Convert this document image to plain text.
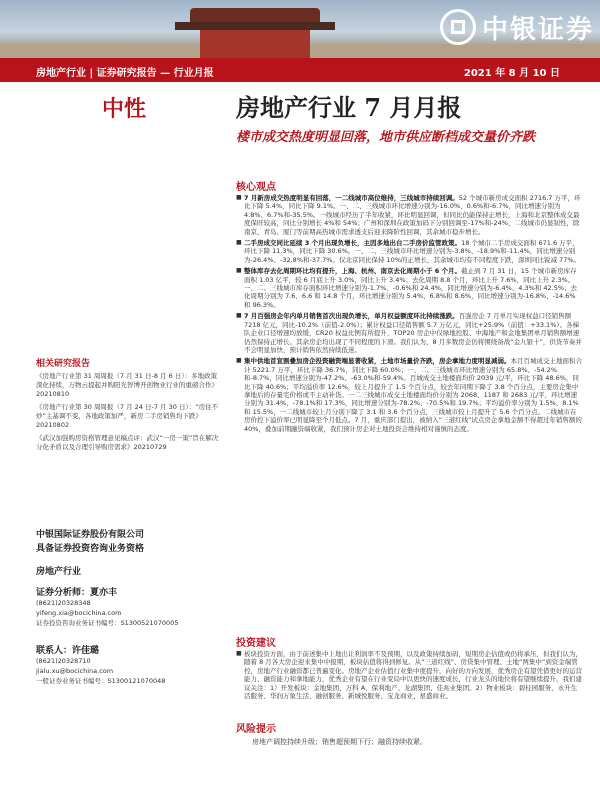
中银证券
房地产行业 | 证券研究报告 — 行业月报	2021 年 8 月 10 日
中性	房地产行业 7 月月报
楼市成交热度明显回落，地市供应断档成交量价齐跌
核心观点

■ 7 月新房成交热度明显有回落，一二线城市高位维持，三线城市持续回调。52 个城市新房成交面积 2716.7 万平，环比下降 5.4%，同比下降 9.1%。一、二、三线城市环比增速分别为-16.0%、0.6%和-6.7%，同比增速分别为 4.8%、6.7%和-35.5%。一线城市经历了半年收紧，环比明显回调，但同比仍能保持正增长，上海和北京整体成交最度保旺较高，同比分别增长 4%和 54%；广州和深圳在政策加码下分别回调至-17%和-24%，二线城市仍显韧性，除南京、青岛、厦门等前期高热城市需求透支后迎来降阶性回调，其余城市稳步增长。

■ 二手房成交同比延续 3 个月出现负增长，主因多地出台二手房价监管政策。18 个城市二手房成交面积 671.6 万平，环比下降 11.3%，同比下降 30.6%。一、二、三线城市环比增速分别为-3.8%、-18.9%和-11.4%，同比增速分别为-26.4%、-32.8%和-37.7%。仅北京同比保持 10%的正增长，其余城市均有不同程度下跌，深圳同比锐减 77%。

■ 整体库存去化周期环比均有提升，上海、杭州、南京去化周期小于 6 个月。截止到 7 月 31 日，15 个城市新房库存面积 1.03 亿平，较 6 月底上升 3.0%，同比上升 3.4%；去化周期 8.8 个月，环比上升 7.6%，同比上升 2.3%。一、二、三线城市库存面积环比增速分别为-1.7%、-0.6%和 24.4%，同比增速分别为-6.4%、4.3%和 42.5%；去化周期分别为 7.6、6.6 和 14.8 个月，环比增速分别为 5.4%、6.8%和 8.6%，同比增速分别为-16.8%、-14.6%和 96.3%。

■ 7 月百强房企年内单月销售首次出现负增长，单月权益额度环比持续涨跌。百强房企 7 月单月实现权益口径销售额 7218 亿元，同比-10.2%（前值-2.0%）；累计权益口径销售额 5.7 万亿元，同比+25.9%（前值：+33.1%）。各梯队企业口径增速均放缓，CR20 权益比例有所提升，TOP20 房企中仅绿地控股、中海地产和金地集团单月销售额增速仍然保持正增长。其余房企均出现了不同程度的下滑。我们认为，8 月多数房企仍将围绕备战“金九银十”，供货节奏并不会明显加快，预计销售依然持续低迷。

■ 集中供地首宣割叠加房企投资融资端显著收紧，土地市场量价齐跌，房企拿地力度明显减弱。本月百城成交土地面积合计 5221.7 万平，环比下降 36.7%，同比下降 60.0%；一、二、三线城市环比增速分别为 65.8%、-54.2%和-8.7%，同比增速分别为-47.2%、-63.0%和-59.4%。百城成交土地楼面均价 2039 元/平，环比下降 48.6%，同比下降 40.6%；平均溢价率 12.6%，较上月提升了 1.5 个百分点，较去年同期下降了 3.8 个百分点，主要房企集中拿地后的存量宅价格或不主动补货。一二三线城市成交土地楼面均价分别为 2068、1187 和 2683 元/平，环比增速分别为 31.4%、-78.1%和 17.3%，同比增速分别为-78.2%、-70.5%和 19.7%；平均溢价率分别为 1.5%、8.1%和 15.5%，一二线城市较上月分别下降了 3.1 和 3.6 个百分点，三线城市较上月提升了 5.6 个百分点。二线城市在房价控下溢价率已明显降至个月低点。7 月，重庆部门提出，被纳入“三道红线”试点房企拿地金额不得超过年销售额的 40%，叠加前期融资端收紧，我们预计房企对土地投资会维持相对谨慎的态度。

投资建议

■ 板块投资方面，由于前述集中上地出让利润率不及预期，以及政策持续加码，短期房企估值或仍将承压，但我们认为，随着 8 月各大房企迎来集中中报期，板块估值将得到修复。从“三道红线”、房贷集中管理、土地“两集中”到资金端管控，房地产行业融资都已普遍变化。房地产企业估值行业集中度提升，向好的方向发展，优秀房企有望凭借更好的运营能力、融资能力和拿地能力，优秀企业有望在行业变局中以更快的速度成长，行业龙头的地位将有望继续提升，我们建议关注：1）开发板块：金地集团、万科 A、保利地产、龙湖集团、佳兆业集团。2）物业板块：碧桂园服务、永升生活服务、华润万象生活、融创服务、新城悦服务、宝龙商业、星盛商业。

风险提示
房地产调控持续升级；销售超预期下行；融资持续收紧。
相关研究报告
《房地产行业第 31 周周报（7 月 31 日-8 月 6 日）：多地政策深化持续，万物云提起并购阳光智博开创物业行业的重磅合作》20210810
《房地产行业第 30 周周报（7 月 24 日-7 月 30 日）：“房住不炒”主基调不变，各地政策加严，新房二手房销售均下跌》20210802
《武汉加强购房资格管理意见稿点评：武汉“一房一策”旨在解决分化矛盾以及合理引导购房需求》20210729
中银国际证券股份有限公司
具备证券投资咨询业务资格
房地产行业
证券分析师：夏亦丰
(8621)20328348
yifeng.xia@bocichina.com
证券投资咨询业务证书编号：S1300521070005
联系人：许佳璐
(8621)20328710
jialu.xu@bocichina.com
一般证券业务证书编号：S1300121070048
